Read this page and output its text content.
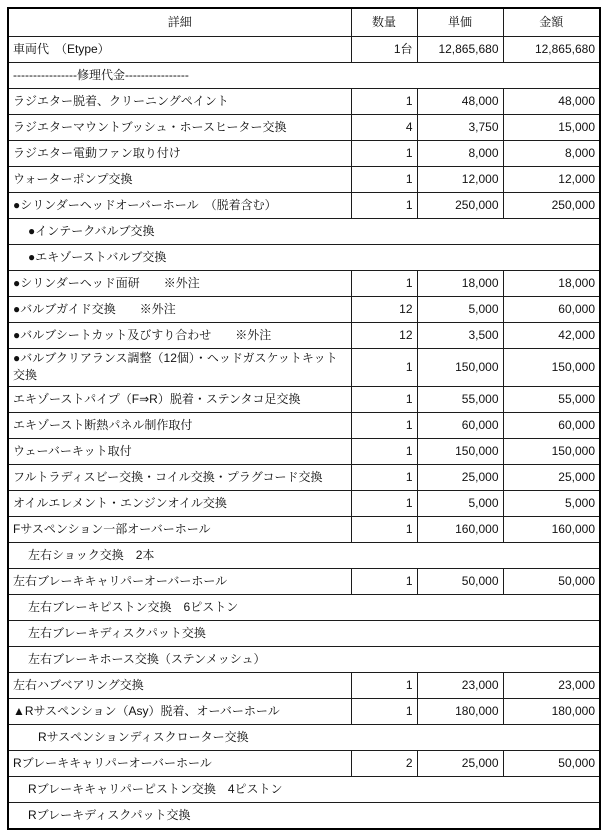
詳細	数量	単価	金額
車両代　（Etype）	1台	12,865,680	12,865,680
----------------修理代金----------------			
ラジエター脱着、クリーニングペイント	1	48,000	48,000
ラジエターマウントブッシュ・ホースヒーター交換	4	3,750	15,000
ラジエター電動ファン取り付け	1	8,000	8,000
ウォーターポンプ交換	1	12,000	12,000
●シリンダーヘッドオーバーホール　（脱着含む）	1	250,000	250,000
●インテークバルブ交換			
●エキゾーストバルブ交換			
●シリンダーヘッド面研　　※外注	1	18,000	18,000
●バルブガイド交換　　※外注	12	5,000	60,000
●バルブシートカット及びすり合わせ　　※外注	12	3,500	42,000
●バルブクリアランス調整（12個）・ヘッドガスケットキット交換	1	150,000	150,000
エキゾーストパイプ（F⇒R）脱着・ステンタコ足交換	1	55,000	55,000
エキゾースト断熱パネル制作取付	1	60,000	60,000
ウェーバーキット取付	1	150,000	150,000
フルトラディスビー交換・コイル交換・プラグコード交換	1	25,000	25,000
オイルエレメント・エンジンオイル交換	1	5,000	5,000
Fサスペンション一部オーバーホール	1	160,000	160,000
左右ショック交換　2本			
左右ブレーキキャリパーオーバーホール	1	50,000	50,000
左右ブレーキピストン交換　6ピストン			
左右ブレーキディスクパット交換			
左右ブレーキホース交換（ステンメッシュ）			
左右ハブベアリング交換	1	23,000	23,000
▲Rサスペンション（Asy）脱着、オーバーホール	1	180,000	180,000
Rサスペンションディスクローター交換			
Rブレーキキャリパーオーバーホール	2	25,000	50,000
Rブレーキキャリパーピストン交換　4ピストン			
Rブレーキディスクパット交換			
